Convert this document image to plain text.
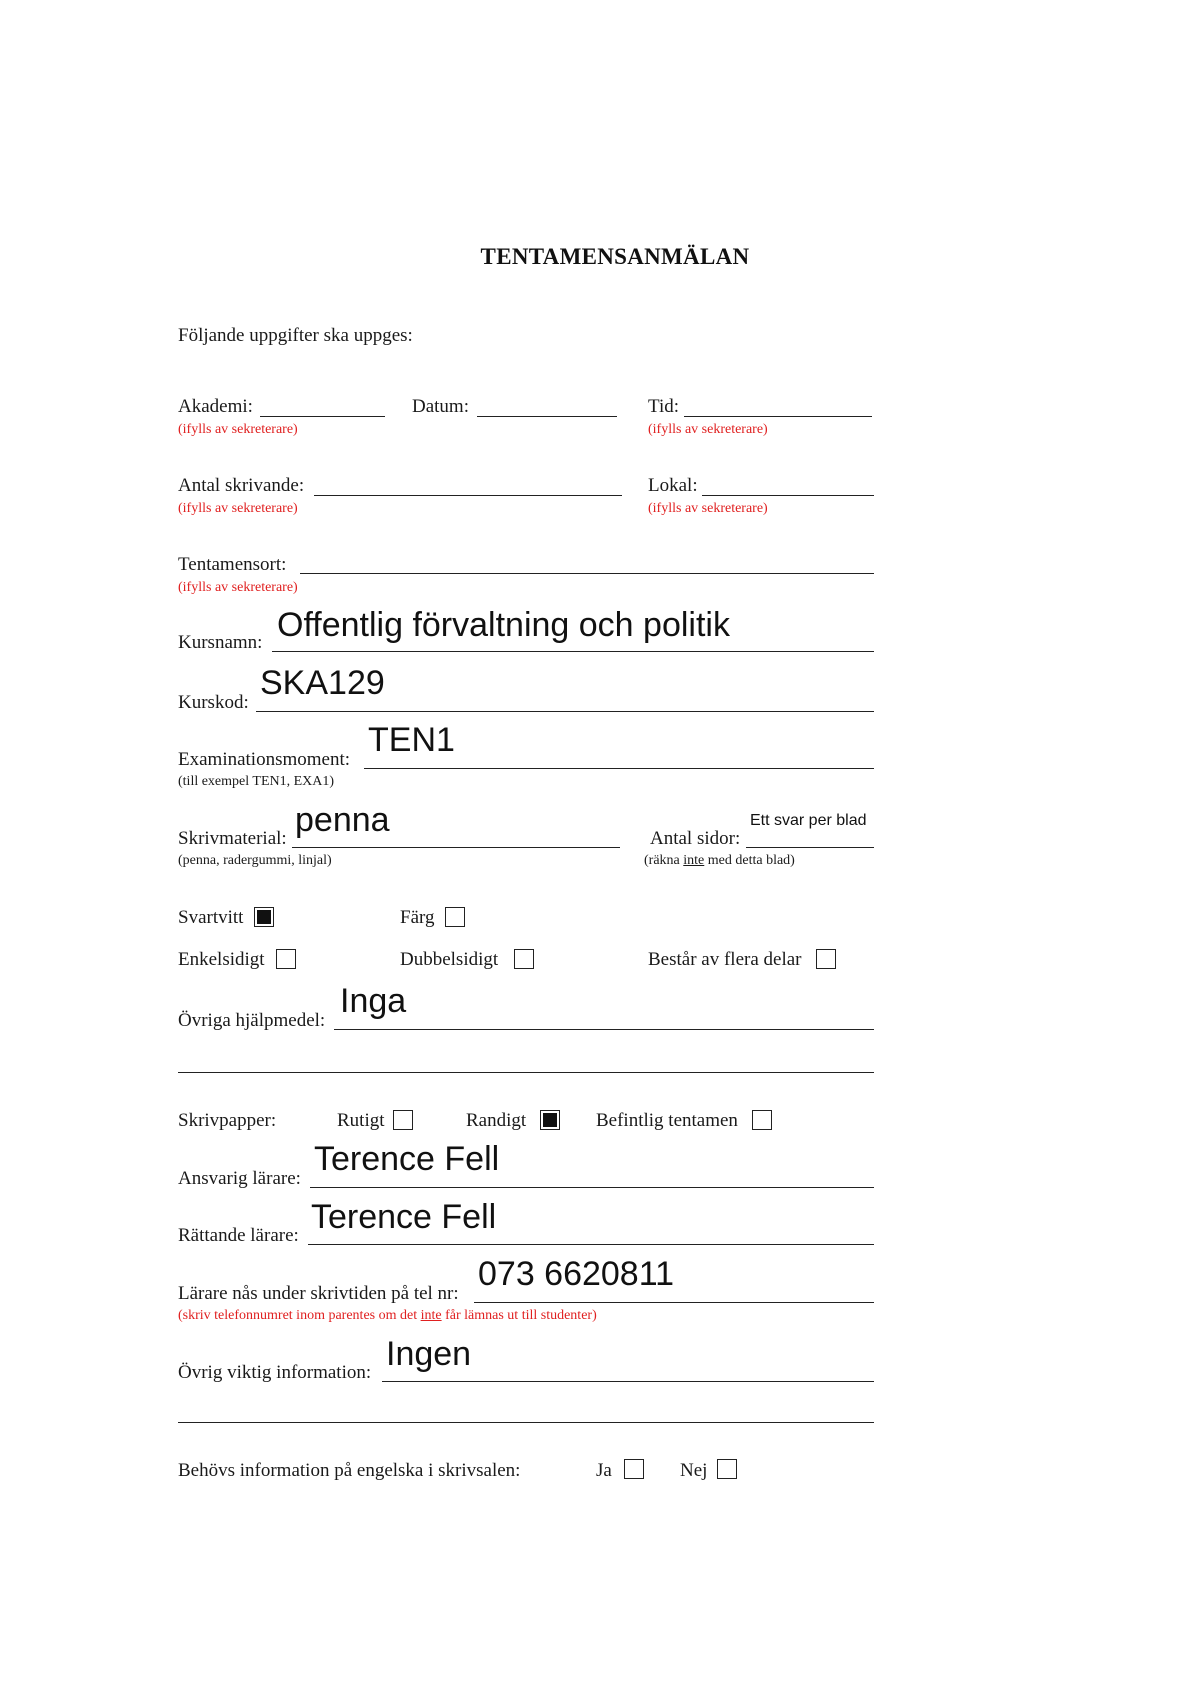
TENTAMENSANMÄLAN
Följande uppgifter ska uppges:
Akademi:
(ifylls av sekreterare)
Datum:	Tid:
(ifylls av sekreterare)
Antal skrivande:
(ifylls av sekreterare)
Lokal:
(ifylls av sekreterare)
Tentamensort:
(ifylls av sekreterare)
Kursnamn: Offentlig förvaltning och politik
Kurskod:
SKA129
Examinationsmoment:
TEN1
(till exempel TEN1, EXA1)
Skrivmaterial: penna
(penna, radergummi, linjal)
Antal sidor:
Ett svar per blad
(räkna inte med detta blad)
Svartvitt	Färg
Enkelsidigt	Dubbelsidigt	Består av flera delar
Övriga hjälpmedel:
Inga
Skrivpapper:	Rutigt	Randigt	Befintlig tentamen
Ansvarig lärare:
Terence Fell
Rättande lärare: Terence Fell
Lärare nås under skrivtiden på tel nr:
073 6620811
(skriv telefonnumret inom parentes om det inte får lämnas ut till studenter)
Övrig viktig information: Ingen
Behövs information på engelska i skrivsalen:	Ja	Nej
